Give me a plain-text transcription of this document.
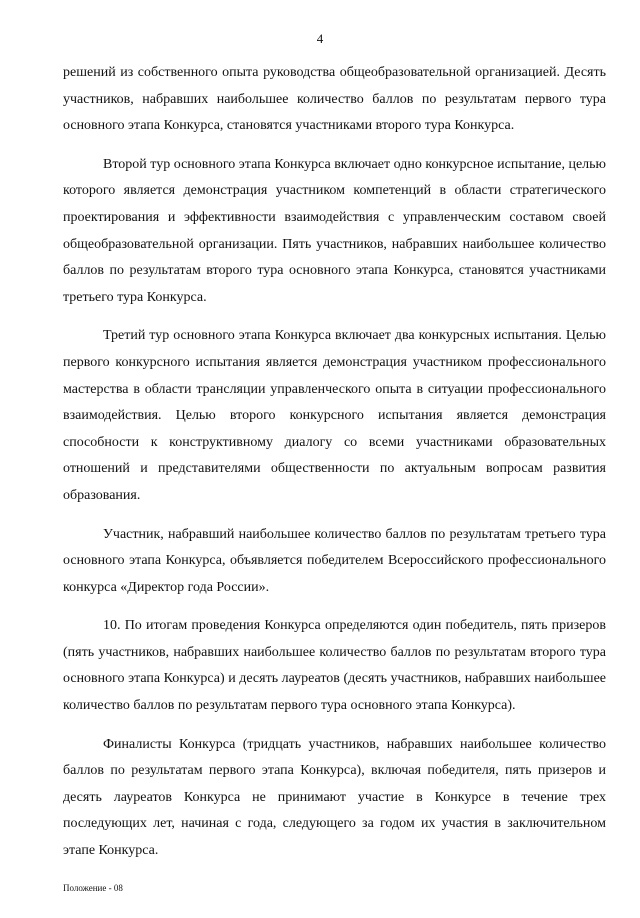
4

решений из собственного опыта руководства общеобразовательной организацией. Десять участников, набравших наибольшее количество баллов по результатам первого тура основного этапа Конкурса, становятся участниками второго тура Конкурса.

Второй тур основного этапа Конкурса включает одно конкурсное испытание, целью которого является демонстрация участником компетенций в области стратегического проектирования и эффективности взаимодействия с управленческим составом своей общеобразовательной организации. Пять участников, набравших наибольшее количество баллов по результатам второго тура основного этапа Конкурса, становятся участниками третьего тура Конкурса.

Третий тур основного этапа Конкурса включает два конкурсных испытания. Целью первого конкурсного испытания является демонстрация участником профессионального мастерства в области трансляции управленческого опыта в ситуации профессионального взаимодействия. Целью второго конкурсного испытания является демонстрация способности к конструктивному диалогу со всеми участниками образовательных отношений и представителями общественности по актуальным вопросам развития образования.

Участник, набравший наибольшее количество баллов по результатам третьего тура основного этапа Конкурса, объявляется победителем Всероссийского профессионального конкурса «Директор года России».

10. По итогам проведения Конкурса определяются один победитель, пять призеров (пять участников, набравших наибольшее количество баллов по результатам второго тура основного этапа Конкурса) и десять лауреатов (десять участников, набравших наибольшее количество баллов по результатам первого тура основного этапа Конкурса).

Финалисты Конкурса (тридцать участников, набравших наибольшее количество баллов по результатам первого этапа Конкурса), включая победителя, пять призеров и десять лауреатов Конкурса не принимают участие в Конкурсе в течение трех последующих лет, начиная с года, следующего за годом их участия в заключительном этапе Конкурса.

Положение - 08
